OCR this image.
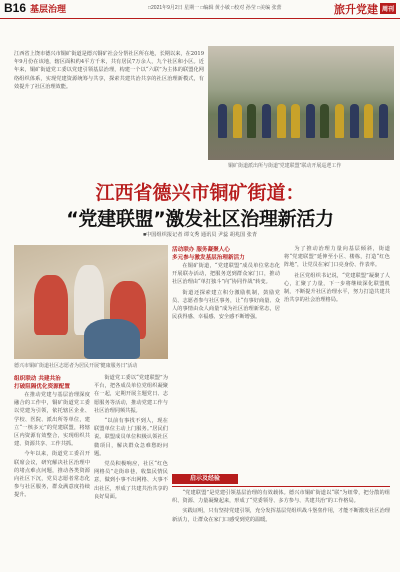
B16 基层治理	□2021年9月2日 星期一 □编辑 黄小敏 □校对 孙莹 □美编 张蕾	旅升党建 周刊
江西省上饶市德兴市铜矿街道是德兴铜矿社会分帮社区所在地，长期以来，在2019年9月份在该地，辖区面积约4平方千米，共有居民7万余人，九个社区和小区。近年来，铜矿街道党工委以党建引领基层治理，构建一个以“六联”为主体的联盟化网络组织体系，实现党建资源统筹与共享，探索共建共治共享的社区治理新模式，有效提升了社区治理效能。
铜矿街道派出所与街道“党建联盟”联动开展巡逻工作
江西省德兴市铜矿街道：
“党建联盟”激发社区治理新活力
■中国组织报记者 谭文秀 通讯员 尹蕊 胡兆国 张青
德兴市铜矿街道社区志愿者为居民开展“健康服务日”活动
组织联动 共建共治
打破阻隔优化资源配置

在推动党建与基层治理深度融合的工作中，铜矿街道党工委以党建为引领，依托辖区企业、学校、医院、派出所等单位，建立“一核多元”的党建联盟，将辖区内资源有效整合，实现组织共建、资源共享、工作共抓。

今年以来，街道党工委召开联席会议，研究解决社区治理中的堵点难点问题，推动各类资源向社区下沉，党员志愿者常态化参与社区服务，群众满意度持续提升。

街道党工委以“党建联盟”为平台，把各成员单位党组织凝聚在一起，定期开展主题党日、志愿服务等活动，推动党建工作与社区治理同频共振。

“以前有事找不到人，现在联盟单位主动上门服务。”居民们说。联盟成员单位积极认领社区微项目，解决群众急难愁盼问题。

党员积极响应，社区“红色网格员”走街串巷，收集民情民意，做到小事不出网格、大事不出社区，形成了共建共治共享的良好局面。

活动联办 服务凝聚人心
多元参与激发基层治理新活力

在铜矿街道，“党建联盟”成员单位常态化开展联办活动，把服务送到群众家门口，推动社区治理由“单打独斗”向“协同作战”转变。

街道还探索建立积分激励机制，鼓励党员、志愿者参与社区事务，让“有事好商量、众人的事情由众人商量”成为社区治理新常态，居民获得感、幸福感、安全感不断增强。

为了推动治理力量向基层倾斜，街道将“党建联盟”延伸至小区、楼栋，打造“红色阵地”，让党员在家门口亮身份、作表率。

社区党组织书记说，“党建联盟”凝聚了人心，汇聚了力量，下一步将继续深化联盟机制，不断提升社区治理水平，努力打造共建共治共享的社会治理格局。

启示及经验

“党建联盟”是党建引领基层治理的有效载体。德兴市铜矿街道以“联”为纽带，把分散的组织、资源、力量凝聚起来，形成了“党委领导、多方参与、共建共治”的工作格局。

实践证明，只有坚持党建引领，充分发挥基层党组织战斗堡垒作用，才能不断激发社区治理新活力，让群众在家门口感受到党的温暖。
